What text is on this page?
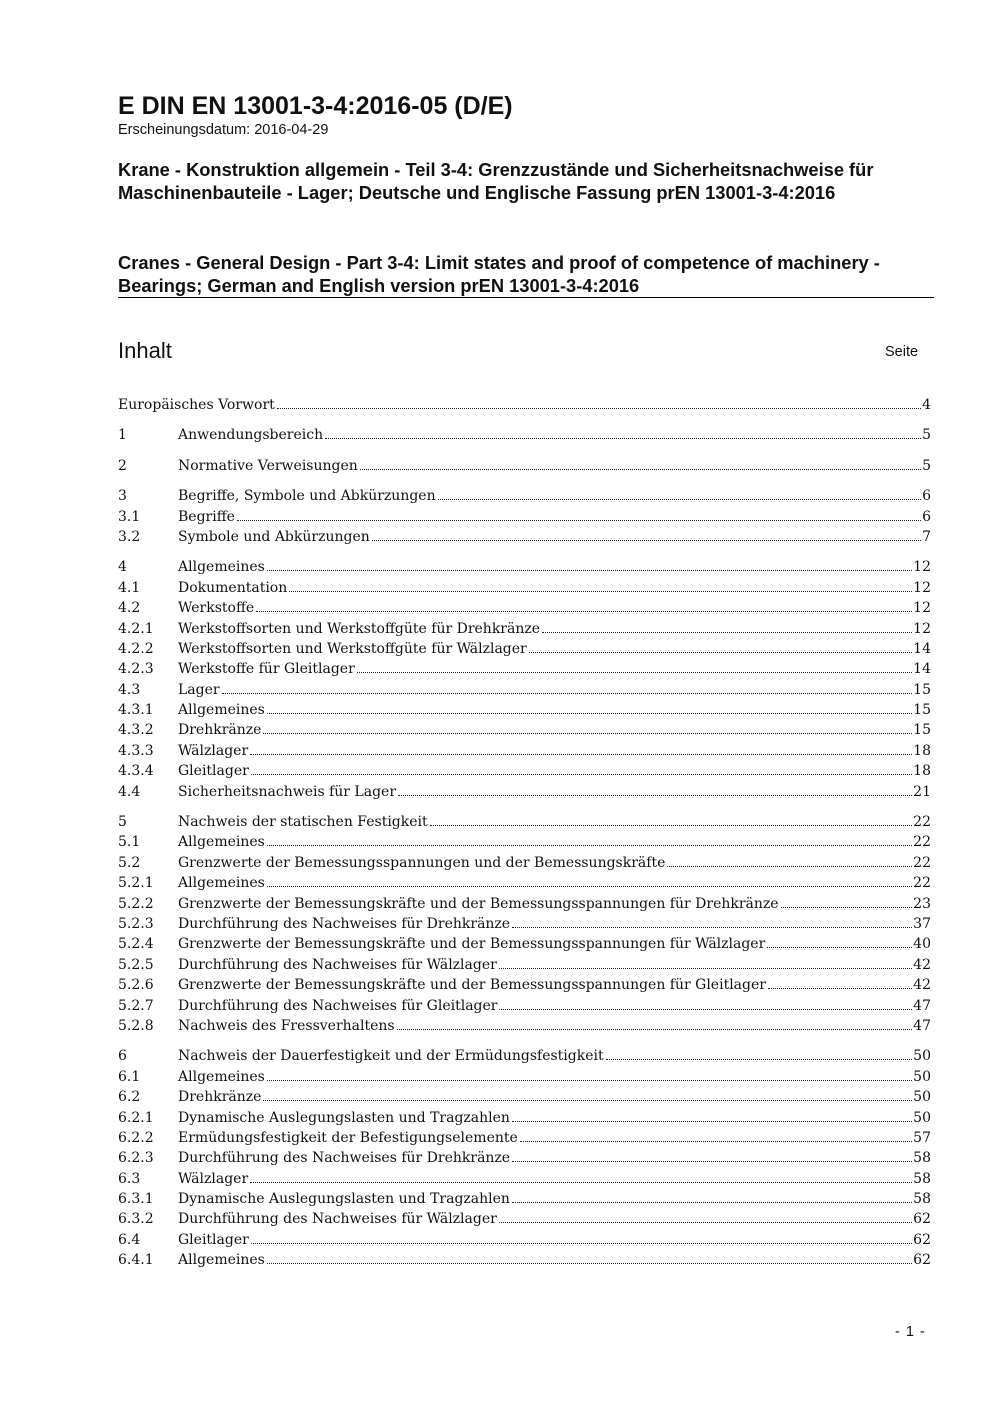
E DIN EN 13001-3-4:2016-05 (D/E)
Erscheinungsdatum: 2016-04-29
Krane - Konstruktion allgemein - Teil 3-4: Grenzzustände und Sicherheitsnachweise für Maschinenbauteile - Lager; Deutsche und Englische Fassung prEN 13001-3-4:2016
Cranes - General Design - Part 3-4: Limit states and proof of competence of machinery - Bearings; German and English version prEN 13001-3-4:2016
Inhalt	Seite
Europäisches Vorwort	4
1	Anwendungsbereich	5
2	Normative Verweisungen	5
3	Begriffe, Symbole und Abkürzungen	6
3.1	Begriffe	6
3.2	Symbole und Abkürzungen	7
4	Allgemeines	12
4.1	Dokumentation	12
4.2	Werkstoffe	12
4.2.1	Werkstoffsorten und Werkstoffgüte für Drehkränze	12
4.2.2	Werkstoffsorten und Werkstoffgüte für Wälzlager	14
4.2.3	Werkstoffe für Gleitlager	14
4.3	Lager	15
4.3.1	Allgemeines	15
4.3.2	Drehkränze	15
4.3.3	Wälzlager	18
4.3.4	Gleitlager	18
4.4	Sicherheitsnachweis für Lager	21
5	Nachweis der statischen Festigkeit	22
5.1	Allgemeines	22
5.2	Grenzwerte der Bemessungsspannungen und der Bemessungskräfte	22
5.2.1	Allgemeines	22
5.2.2	Grenzwerte der Bemessungskräfte und der Bemessungsspannungen für Drehkränze	23
5.2.3	Durchführung des Nachweises für Drehkränze	37
5.2.4	Grenzwerte der Bemessungskräfte und der Bemessungsspannungen für Wälzlager	40
5.2.5	Durchführung des Nachweises für Wälzlager	42
5.2.6	Grenzwerte der Bemessungskräfte und der Bemessungsspannungen für Gleitlager	42
5.2.7	Durchführung des Nachweises für Gleitlager	47
5.2.8	Nachweis des Fressverhaltens	47
6	Nachweis der Dauerfestigkeit und der Ermüdungsfestigkeit	50
6.1	Allgemeines	50
6.2	Drehkränze	50
6.2.1	Dynamische Auslegungslasten und Tragzahlen	50
6.2.2	Ermüdungsfestigkeit der Befestigungselemente	57
6.2.3	Durchführung des Nachweises für Drehkränze	58
6.3	Wälzlager	58
6.3.1	Dynamische Auslegungslasten und Tragzahlen	58
6.3.2	Durchführung des Nachweises für Wälzlager	62
6.4	Gleitlager	62
6.4.1	Allgemeines	62
- 1 -
